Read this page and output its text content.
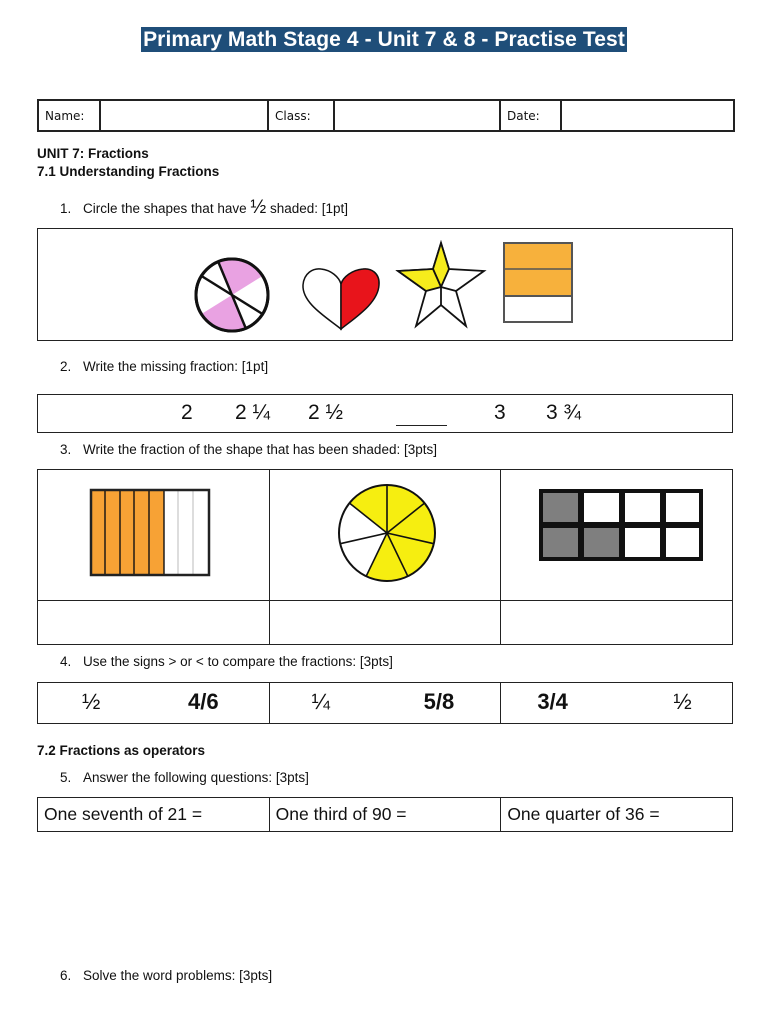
Primary Math Stage 4 - Unit 7 & 8 - Practise Test
Name:		Class:		Date:	
UNIT 7: Fractions
7.1 Understanding Fractions
1. Circle the shapes that have ½ shaded: [1pt]
2. Write the missing fraction: [1pt]
2 2 ¼ 2 ½	3 3 ¾
3. Write the fraction of the shape that has been shaded: [3pts]

4. Use the signs > or < to compare the fractions: [3pts]
½	4/6	¼	5/8	3/4	½
7.2 Fractions as operators
5. Answer the following questions: [3pts]
One seventh of 21 =	One third of 90 =	One quarter of 36 =
6. Solve the word problems: [3pts]
